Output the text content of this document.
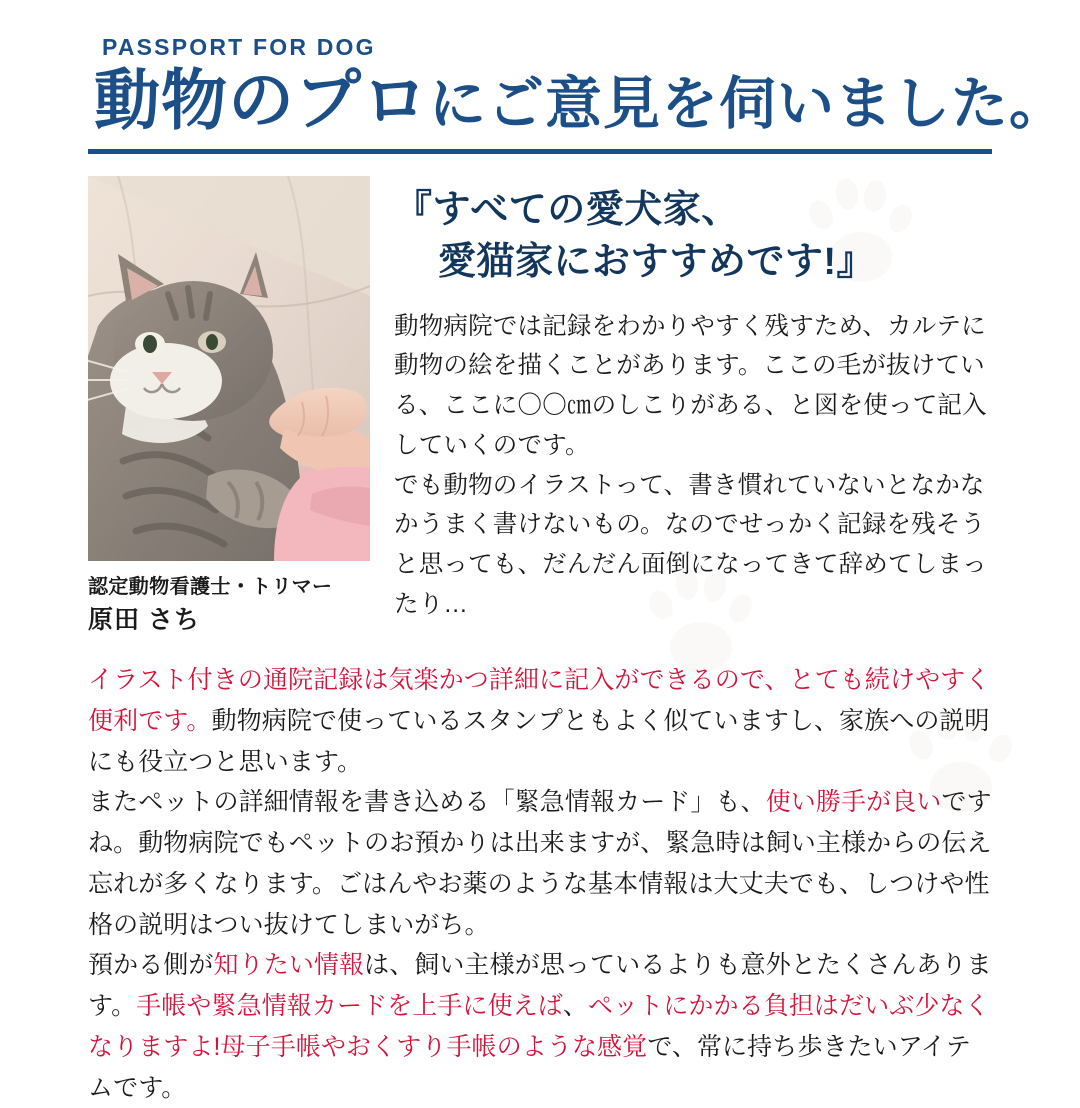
PASSPORT FOR DOG
動物のプロにご意見を伺いました。
認定動物看護士・トリマー
原田 さち
『すべての愛犬家、
愛猫家におすすめです!』

動物病院では記録をわかりやすく残すため、カルテに動物の絵を描くことがあります。ここの毛が抜けている、ここに〇〇㎝のしこりがある、と図を使って記入していくのです。

でも動物のイラストって、書き慣れていないとなかなかうまく書けないもの。なのでせっかく記録を残そうと思っても、だんだん面倒になってきて辞めてしまったり…

イラスト付きの通院記録は気楽かつ詳細に記入ができるので、とても続けやすく便利です。動物病院で使っているスタンプともよく似ていますし、家族への説明にも役立つと思います。

またペットの詳細情報を書き込める「緊急情報カード」も、使い勝手が良いですね。動物病院でもペットのお預かりは出来ますが、緊急時は飼い主様からの伝え忘れが多くなります。ごはんやお薬のような基本情報は大丈夫でも、しつけや性格の説明はつい抜けてしまいがち。

預かる側が知りたい情報は、飼い主様が思っているよりも意外とたくさんあります。手帳や緊急情報カードを上手に使えば、ペットにかかる負担はだいぶ少なくなりますよ!母子手帳やおくすり手帳のような感覚で、常に持ち歩きたいアイテムです。
